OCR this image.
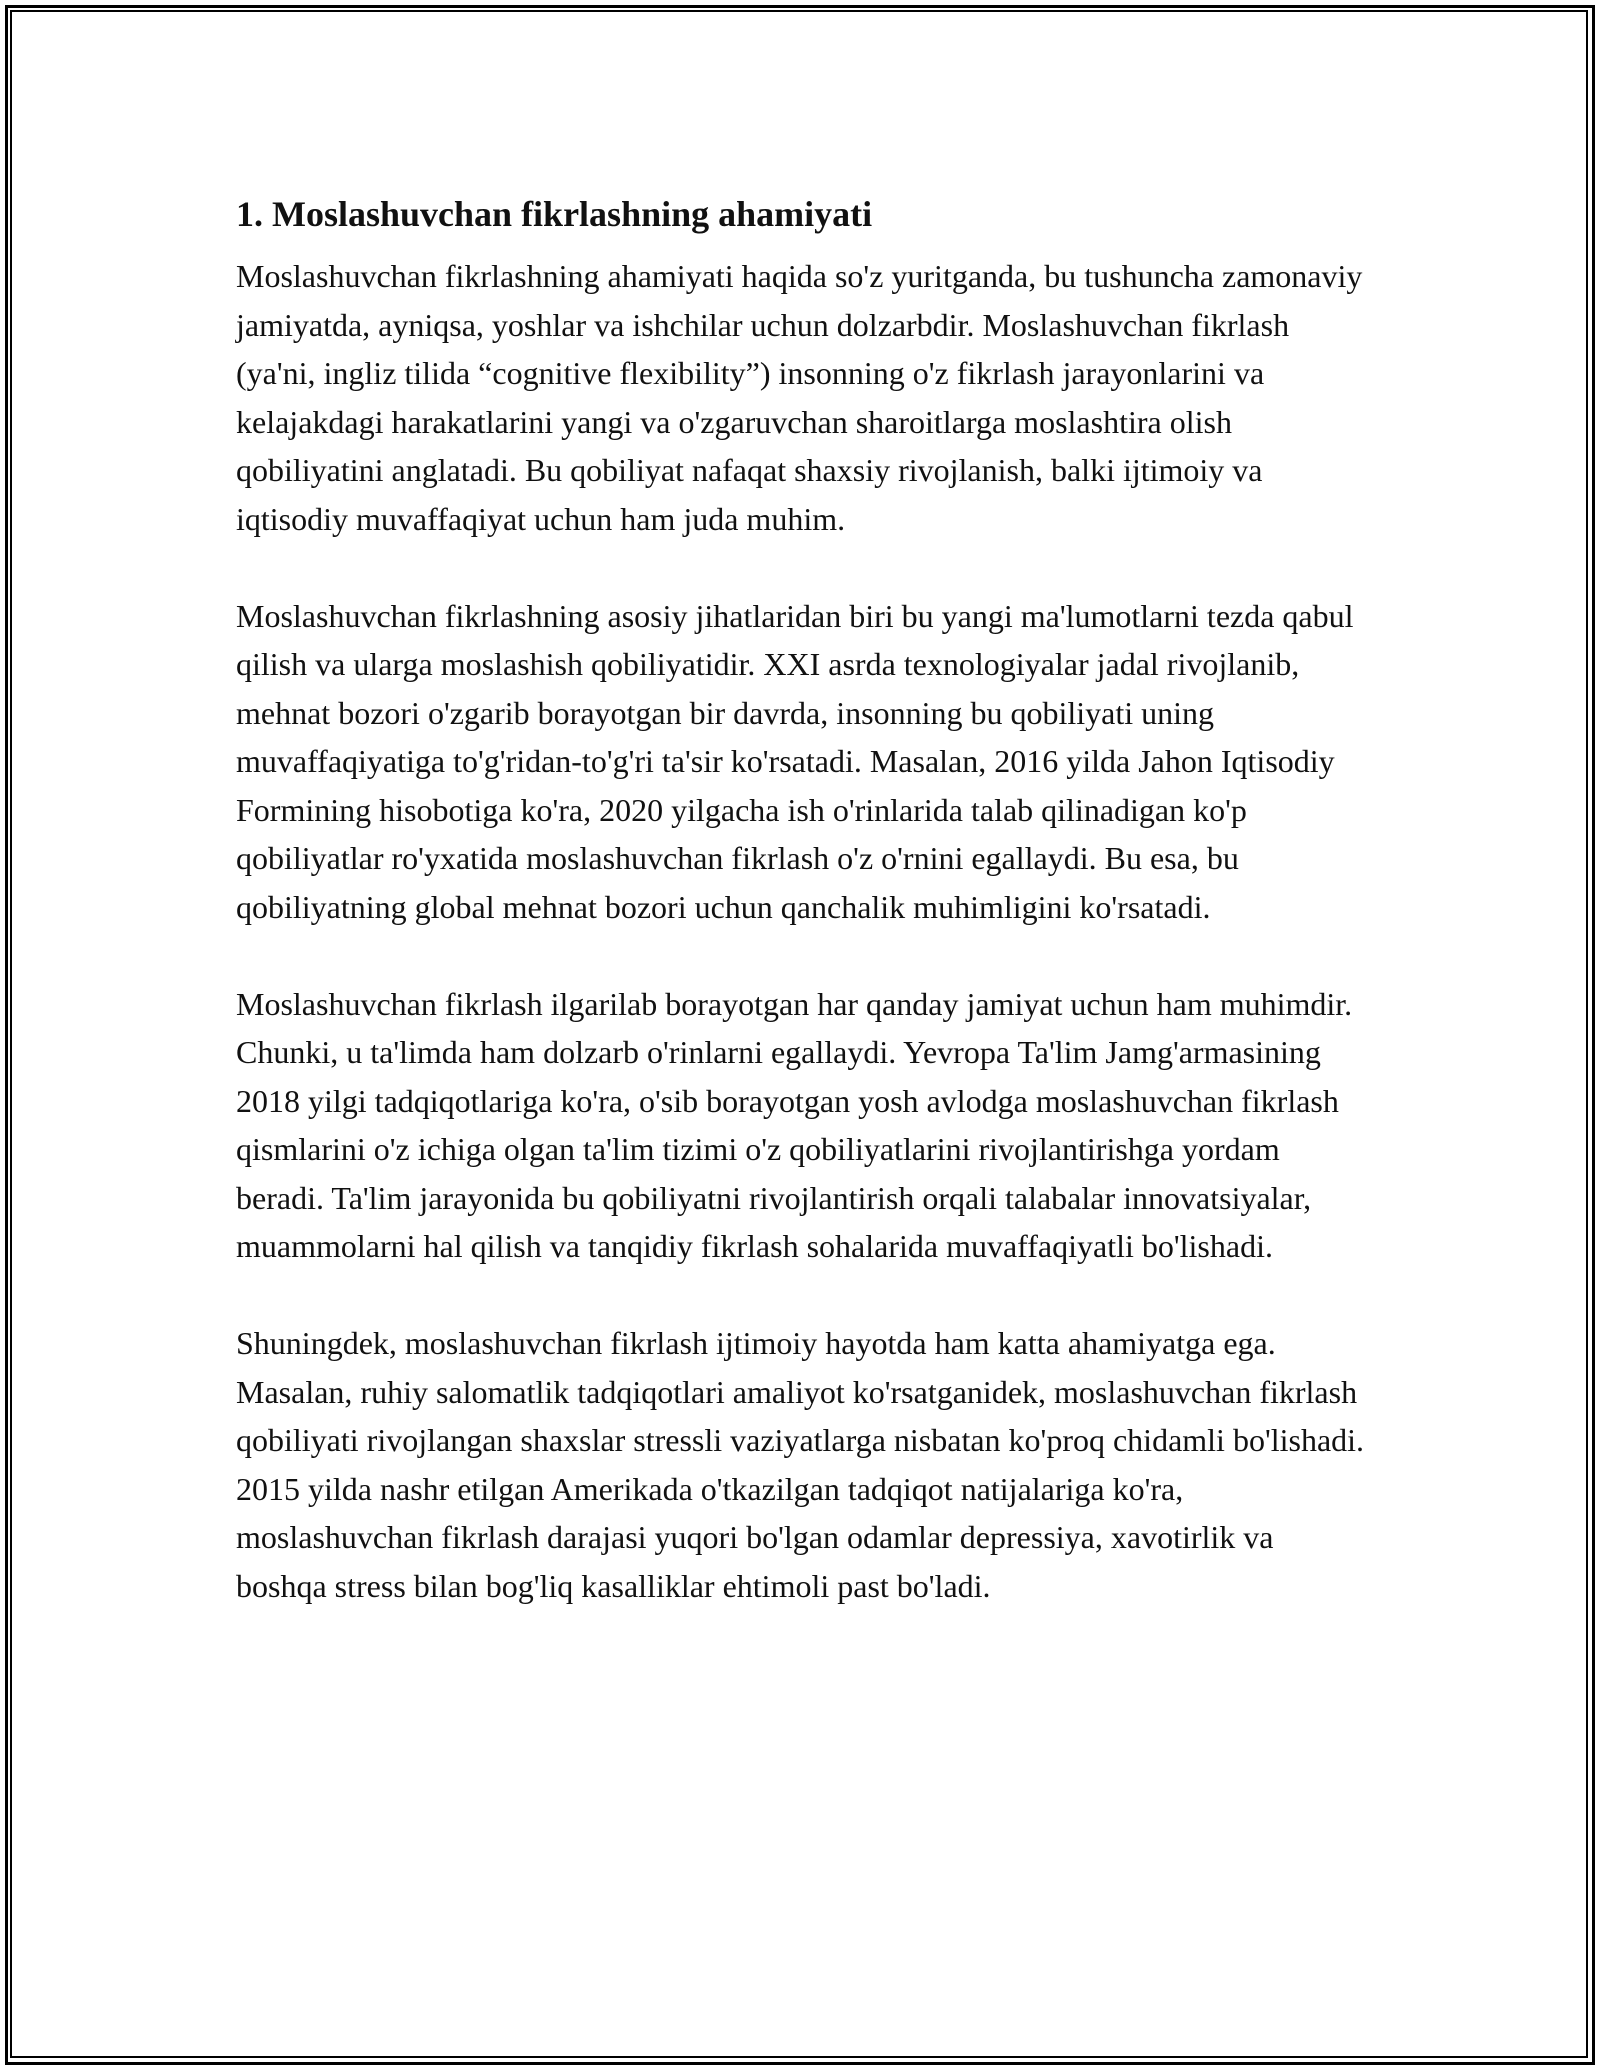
1. Moslashuvchan fikrlashning ahamiyati

Moslashuvchan fikrlashning ahamiyati haqida so'z yuritganda, bu tushuncha zamonaviy jamiyatda, ayniqsa, yoshlar va ishchilar uchun dolzarbdir. Moslashuvchan fikrlash (ya'ni, ingliz tilida “cognitive flexibility”) insonning o'z fikrlash jarayonlarini va kelajakdagi harakatlarini yangi va o'zgaruvchan sharoitlarga moslashtira olish qobiliyatini anglatadi. Bu qobiliyat nafaqat shaxsiy rivojlanish, balki ijtimoiy va iqtisodiy muvaffaqiyat uchun ham juda muhim.

Moslashuvchan fikrlashning asosiy jihatlaridan biri bu yangi ma'lumotlarni tezda qabul qilish va ularga moslashish qobiliyatidir. XXI asrda texnologiyalar jadal rivojlanib, mehnat bozori o'zgarib borayotgan bir davrda, insonning bu qobiliyati uning muvaffaqiyatiga to'g'ridan-to'g'ri ta'sir ko'rsatadi. Masalan, 2016 yilda Jahon Iqtisodiy Formining hisobotiga ko'ra, 2020 yilgacha ish o'rinlarida talab qilinadigan ko'p qobiliyatlar ro'yxatida moslashuvchan fikrlash o'z o'rnini egallaydi. Bu esa, bu qobiliyatning global mehnat bozori uchun qanchalik muhimligini ko'rsatadi.

Moslashuvchan fikrlash ilgarilab borayotgan har qanday jamiyat uchun ham muhimdir. Chunki, u ta'limda ham dolzarb o'rinlarni egallaydi. Yevropa Ta'lim Jamg'armasining 2018 yilgi tadqiqotlariga ko'ra, o'sib borayotgan yosh avlodga moslashuvchan fikrlash qismlarini o'z ichiga olgan ta'lim tizimi o'z qobiliyatlarini rivojlantirishga yordam beradi. Ta'lim jarayonida bu qobiliyatni rivojlantirish orqali talabalar innovatsiyalar, muammolarni hal qilish va tanqidiy fikrlash sohalarida muvaffaqiyatli bo'lishadi.

Shuningdek, moslashuvchan fikrlash ijtimoiy hayotda ham katta ahamiyatga ega. Masalan, ruhiy salomatlik tadqiqotlari amaliyot ko'rsatganidek, moslashuvchan fikrlash qobiliyati rivojlangan shaxslar stressli vaziyatlarga nisbatan ko'proq chidamli bo'lishadi. 2015 yilda nashr etilgan Amerikada o'tkazilgan tadqiqot natijalariga ko'ra, moslashuvchan fikrlash darajasi yuqori bo'lgan odamlar depressiya, xavotirlik va boshqa stress bilan bog'liq kasalliklar ehtimoli past bo'ladi.
